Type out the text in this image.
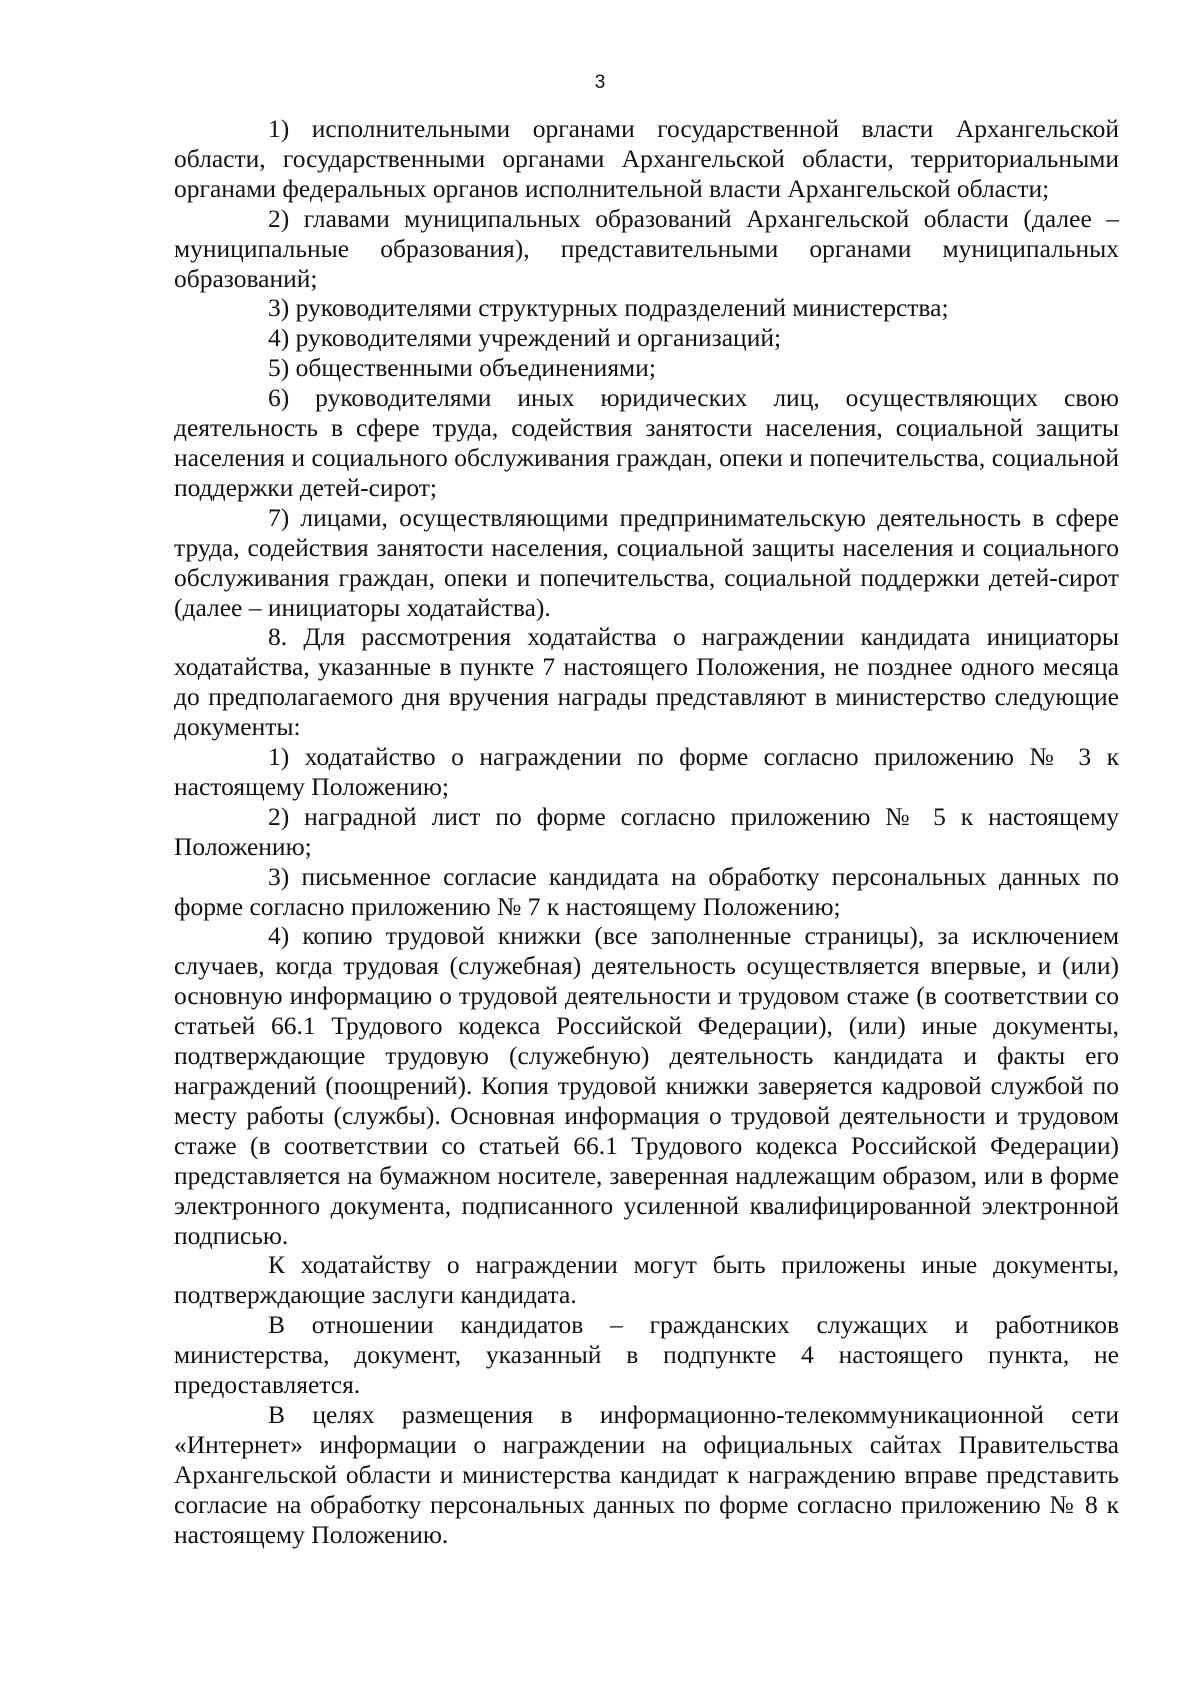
3

1) исполнительными органами государственной власти Архангельской области, государственными органами Архангельской области, территориальными органами федеральных органов исполнительной власти Архангельской области;

2) главами муниципальных образований Архангельской области (далее – муниципальные образования), представительными органами муниципальных образований;

3) руководителями структурных подразделений министерства;

4) руководителями учреждений и организаций;

5) общественными объединениями;

6) руководителями иных юридических лиц, осуществляющих свою деятельность в сфере труда, содействия занятости населения, социальной защиты населения и социального обслуживания граждан, опеки и попечительства, социальной поддержки детей-сирот;

7) лицами, осуществляющими предпринимательскую деятельность в сфере труда, содействия занятости населения, социальной защиты населения и социального обслуживания граждан, опеки и попечительства, социальной поддержки детей-сирот (далее – инициаторы ходатайства).

8. Для рассмотрения ходатайства о награждении кандидата инициаторы ходатайства, указанные в пункте 7 настоящего Положения, не позднее одного месяца до предполагаемого дня вручения награды представляют в министерство следующие документы:

1) ходатайство о награждении по форме согласно приложению № 3 к настоящему Положению;

2) наградной лист по форме согласно приложению № 5 к настоящему Положению;

3) письменное согласие кандидата на обработку персональных данных по форме согласно приложению № 7 к настоящему Положению;

4) копию трудовой книжки (все заполненные страницы), за исключением случаев, когда трудовая (служебная) деятельность осуществляется впервые, и (или) основную информацию о трудовой деятельности и трудовом стаже (в соответствии со статьей 66.1 Трудового кодекса Российской Федерации), (или) иные документы, подтверждающие трудовую (служебную) деятельность кандидата и факты его награждений (поощрений). Копия трудовой книжки заверяется кадровой службой по месту работы (службы). Основная информация о трудовой деятельности и трудовом стаже (в соответствии со статьей 66.1 Трудового кодекса Российской Федерации) представляется на бумажном носителе, заверенная надлежащим образом, или в форме электронного документа, подписанного усиленной квалифицированной электронной подписью.

К ходатайству о награждении могут быть приложены иные документы, подтверждающие заслуги кандидата.

В отношении кандидатов – гражданских служащих и работников министерства, документ, указанный в подпункте 4 настоящего пункта, не предоставляется.

В целях размещения в информационно-телекоммуникационной сети «Интернет» информации о награждении на официальных сайтах Правительства Архангельской области и министерства кандидат к награждению вправе представить согласие на обработку персональных данных по форме согласно приложению № 8 к настоящему Положению.
